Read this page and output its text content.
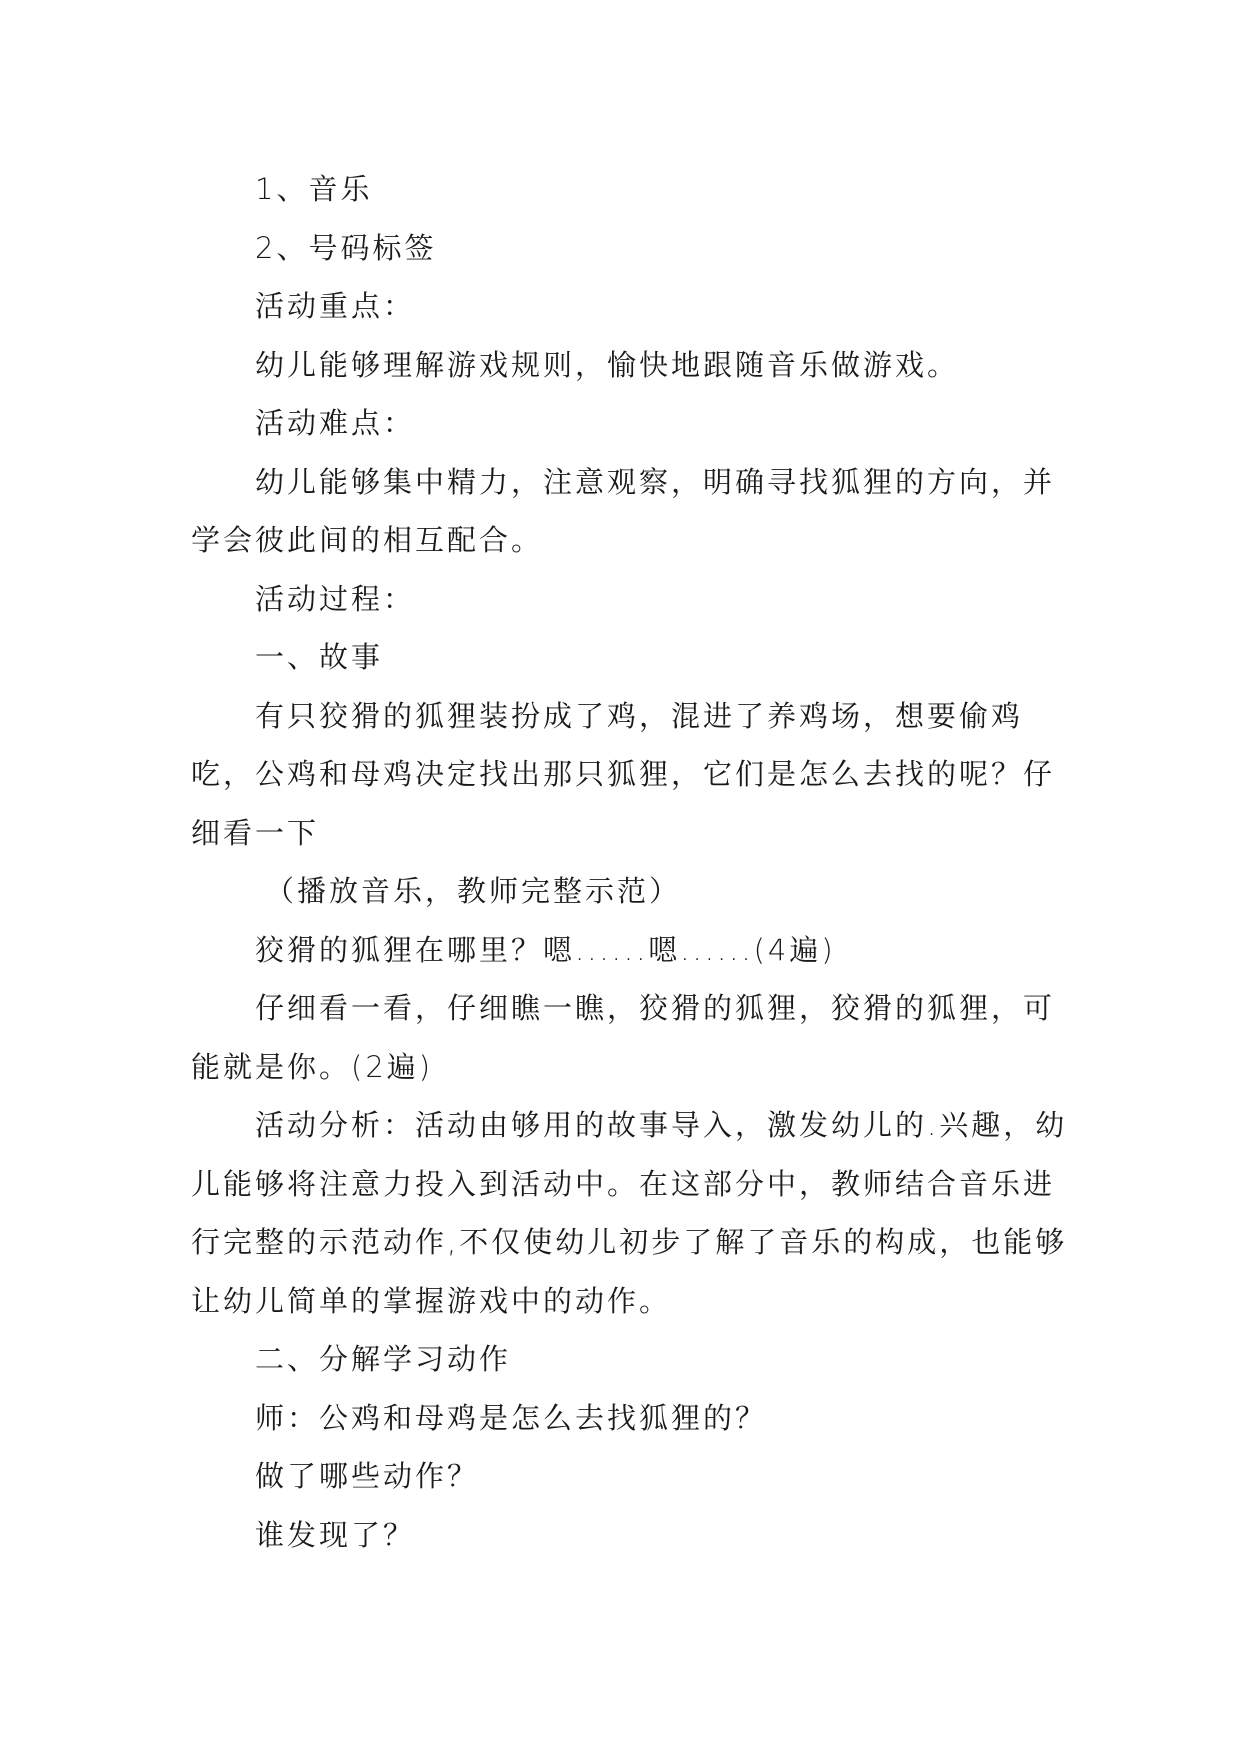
1、音乐

2、号码标签

活动重点：

幼儿能够理解游戏规则，愉快地跟随音乐做游戏。

活动难点：

幼儿能够集中精力，注意观察，明确寻找狐狸的方向，并学会彼此间的相互配合。

活动过程：

一、故事

有只狡猾的狐狸装扮成了鸡，混进了养鸡场，想要偷鸡吃，公鸡和母鸡决定找出那只狐狸，它们是怎么去找的呢？仔细看一下

（播放音乐，教师完整示范）

狡猾的狐狸在哪里？嗯......嗯......(4遍)

仔细看一看，仔细瞧一瞧，狡猾的狐狸，狡猾的狐狸，可能就是你。(2遍)

活动分析：活动由够用的故事导入，激发幼儿的.兴趣，幼儿能够将注意力投入到活动中。在这部分中，教师结合音乐进行完整的示范动作,不仅使幼儿初步了解了音乐的构成，也能够让幼儿简单的掌握游戏中的动作。

二、分解学习动作

师：公鸡和母鸡是怎么去找狐狸的？

做了哪些动作？

谁发现了？
